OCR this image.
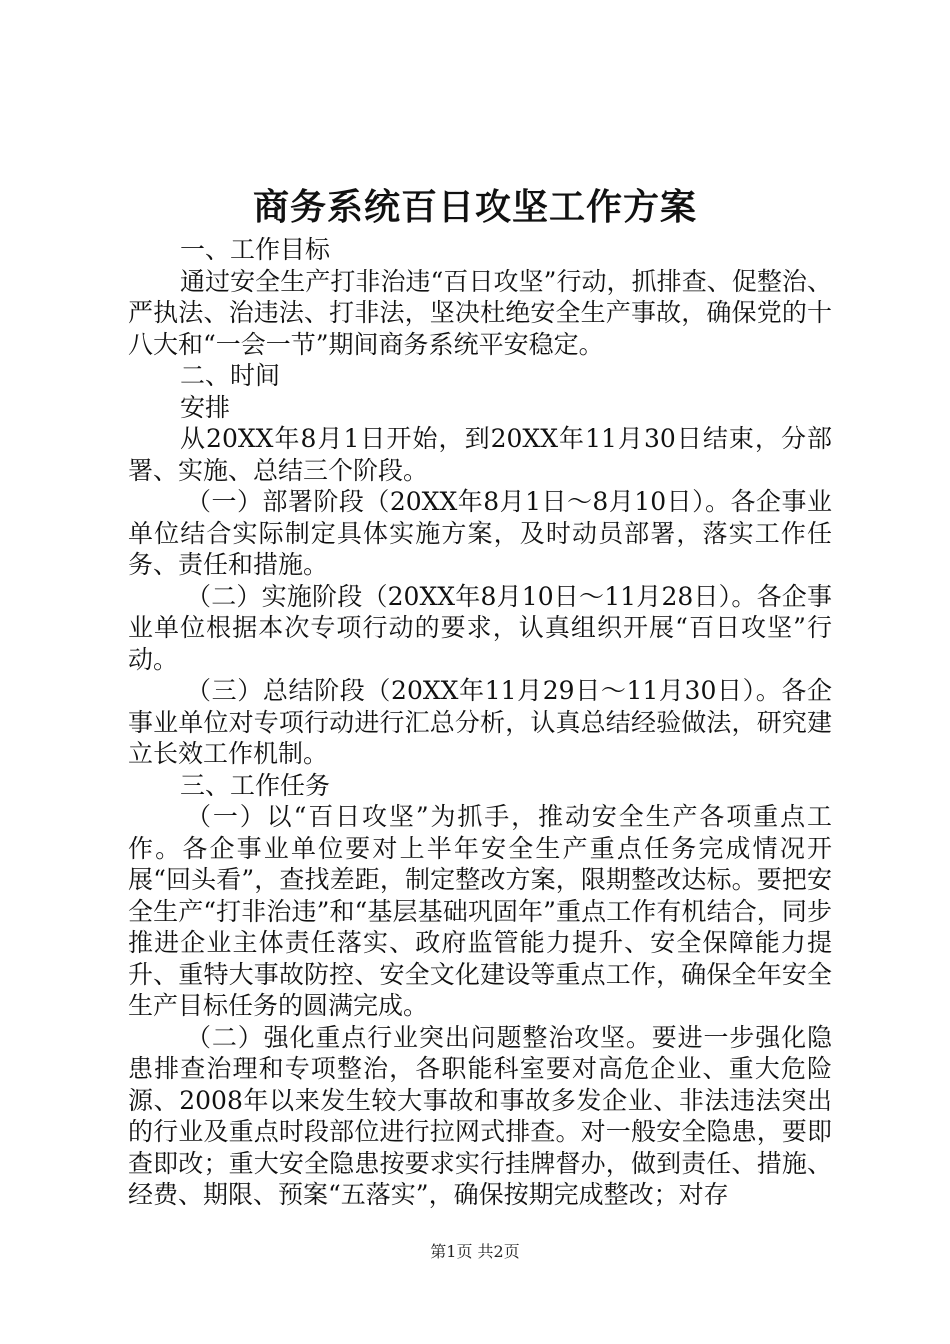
商务系统百日攻坚工作方案

一、工作目标

通过安全生产打非治违“百日攻坚”行动，抓排查、促整治、严执法、治违法、打非法，坚决杜绝安全生产事故，确保党的十八大和“一会一节”期间商务系统平安稳定。

二、时间

安排

从20XX年8月1日开始，到20XX年11月30日结束，分部署、实施、总结三个阶段。

（一）部署阶段（20XX年8月1日～8月10日）。各企事业单位结合实际制定具体实施方案，及时动员部署，落实工作任务、责任和措施。

（二）实施阶段（20XX年8月10日～11月28日）。各企事业单位根据本次专项行动的要求，认真组织开展“百日攻坚”行动。

（三）总结阶段（20XX年11月29日～11月30日）。各企事业单位对专项行动进行汇总分析，认真总结经验做法，研究建立长效工作机制。

三、工作任务

（一）以“百日攻坚”为抓手，推动安全生产各项重点工作。各企事业单位要对上半年安全生产重点任务完成情况开展“回头看”，查找差距，制定整改方案，限期整改达标。要把安全生产“打非治违”和“基层基础巩固年”重点工作有机结合，同步推进企业主体责任落实、政府监管能力提升、安全保障能力提升、重特大事故防控、安全文化建设等重点工作，确保全年安全生产目标任务的圆满完成。

（二）强化重点行业突出问题整治攻坚。要进一步强化隐患排查治理和专项整治，各职能科室要对高危企业、重大危险源、2008年以来发生较大事故和事故多发企业、非法违法突出的行业及重点时段部位进行拉网式排查。对一般安全隐患，要即查即改；重大安全隐患按要求实行挂牌督办，做到责任、措施、经费、期限、预案“五落实”，确保按期完成整改；对存

第1页 共2页
